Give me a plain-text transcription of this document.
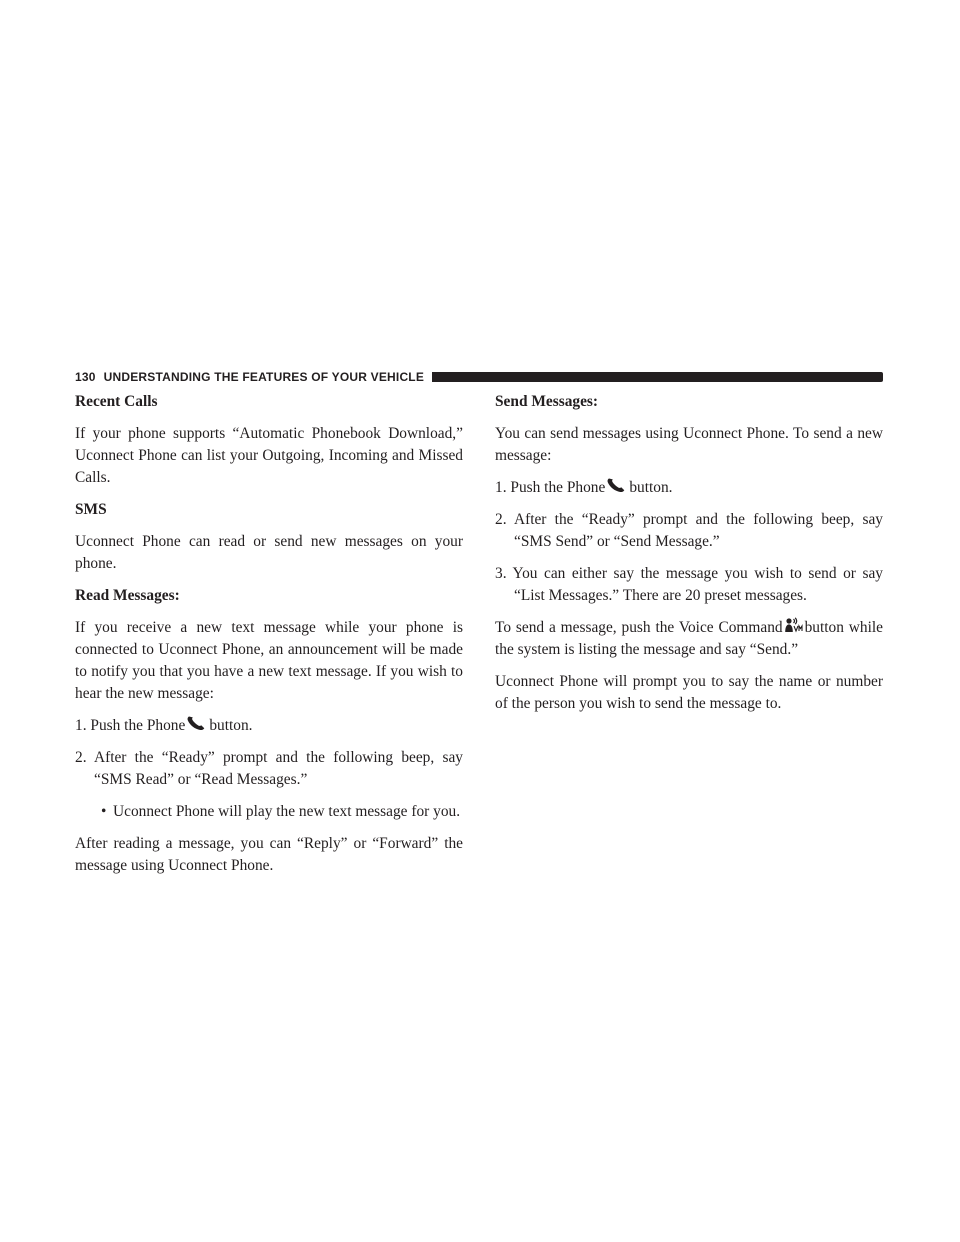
130 UNDERSTANDING THE FEATURES OF YOUR VEHICLE
Recent Calls

If your phone supports “Automatic Phonebook Download,” Uconnect Phone can list your Outgoing, Incoming and Missed Calls.

SMS

Uconnect Phone can read or send new messages on your phone.

Read Messages:

If you receive a new text message while your phone is connected to Uconnect Phone, an announcement will be made to notify you that you have a new text message. If you wish to hear the new message:

1. Push the Phone button.
2. After the “Ready” prompt and the following beep, say “SMS Read” or “Read Messages.”
• Uconnect Phone will play the new text message for you.

After reading a message, you can “Reply” or “Forward” the message using Uconnect Phone.

Send Messages:

You can send messages using Uconnect Phone. To send a new message:

1. Push the Phone button.
2. After the “Ready” prompt and the following beep, say “SMS Send” or “Send Message.”
3. You can either say the message you wish to send or say “List Messages.” There are 20 preset messages.

To send a message, push the Voice Command button while the system is listing the message and say “Send.”

Uconnect Phone will prompt you to say the name or number of the person you wish to send the message to.
